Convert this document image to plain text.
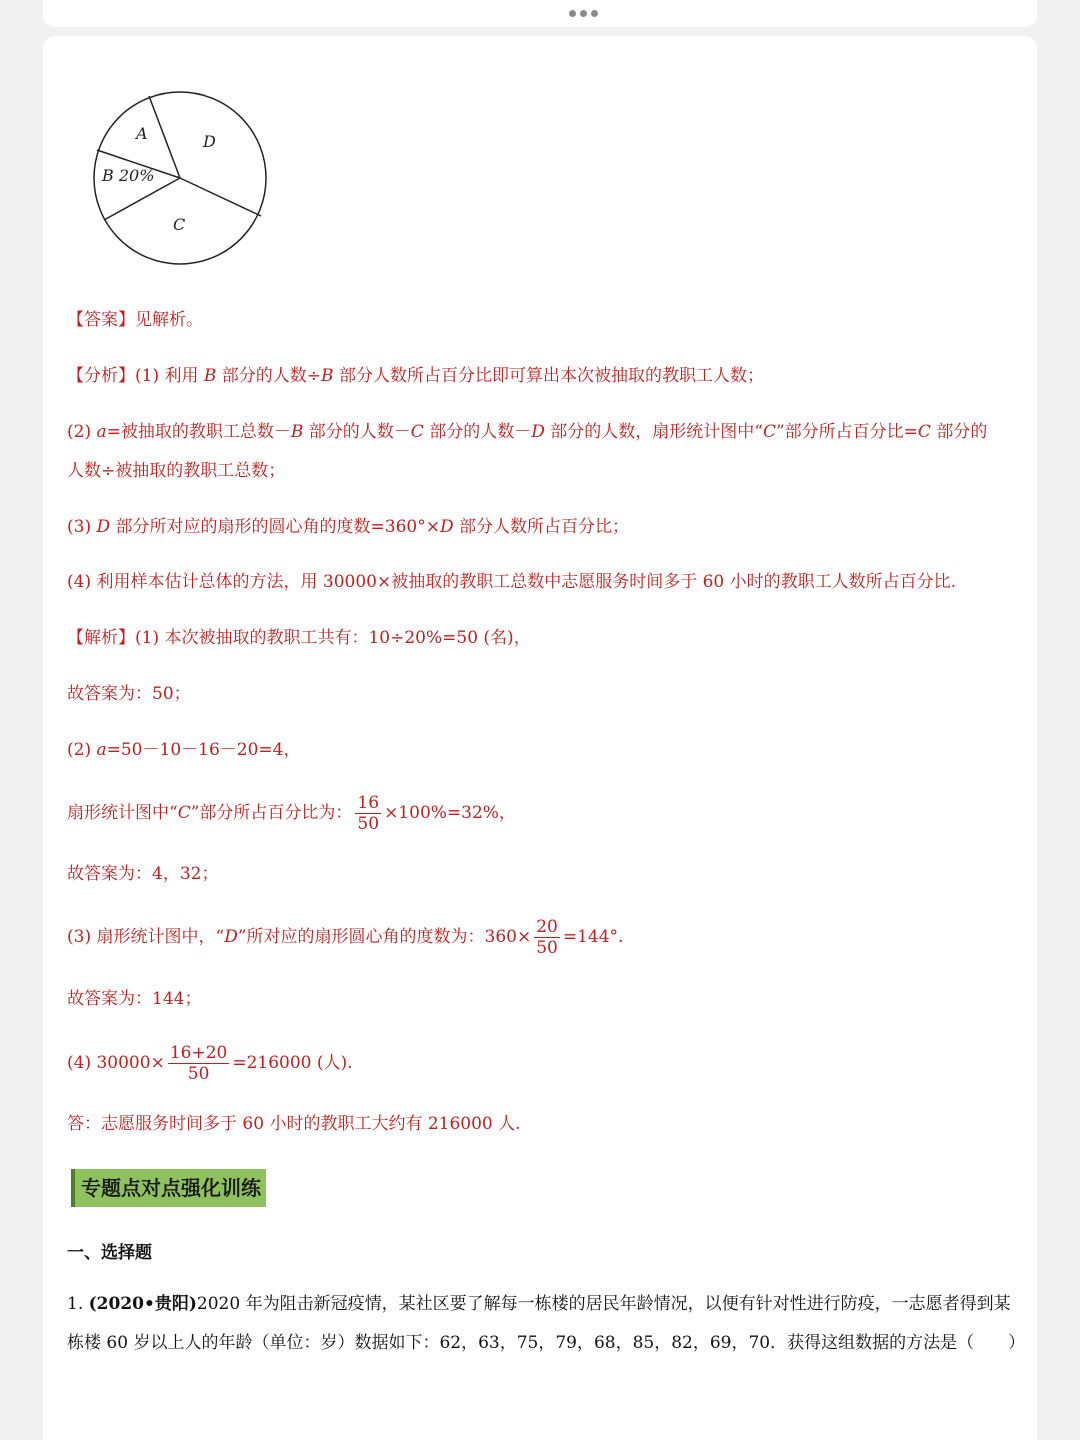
A
B 20%
C
D
【答案】见解析。
【分析】(1) 利用 B 部分的人数÷B 部分人数所占百分比即可算出本次被抽取的教职工人数；
(2) a=被抽取的教职工总数－B 部分的人数－C 部分的人数－D 部分的人数，扇形统计图中“C”部分所占百分比=C 部分的
人数÷被抽取的教职工总数；
(3) D 部分所对应的扇形的圆心角的度数=360°×D 部分人数所占百分比；
(4) 利用样本估计总体的方法，用 30000×被抽取的教职工总数中志愿服务时间多于 60 小时的教职工人数所占百分比.
【解析】(1) 本次被抽取的教职工共有：10÷20%=50 (名)，
故答案为：50；
(2) a=50－10－16－20=4，
扇形统计图中“C”部分所占百分比为： $\frac{16}{50} \times 100\%=32\%$，
故答案为：4，32；
(3) 扇形统计图中，“D”所对应的扇形圆心角的度数为：$360\times \frac{20}{50} =144^\circ$.
故答案为：144；
(4) $30000\times \frac{16+20}{50} =216000$ (人).
答：志愿服务时间多于 60 小时的教职工大约有 216000 人.
专题点对点强化训练
一、选择题
1. (2020•贵阳)2020 年为阻击新冠疫情，某社区要了解每一栋楼的居民年龄情况，以便有针对性进行防疫，一志愿者得到某
栋楼 60 岁以上人的年龄（单位：岁）数据如下：62，63，75，79，68，85，82，69，70．获得这组数据的方法是（　　）
